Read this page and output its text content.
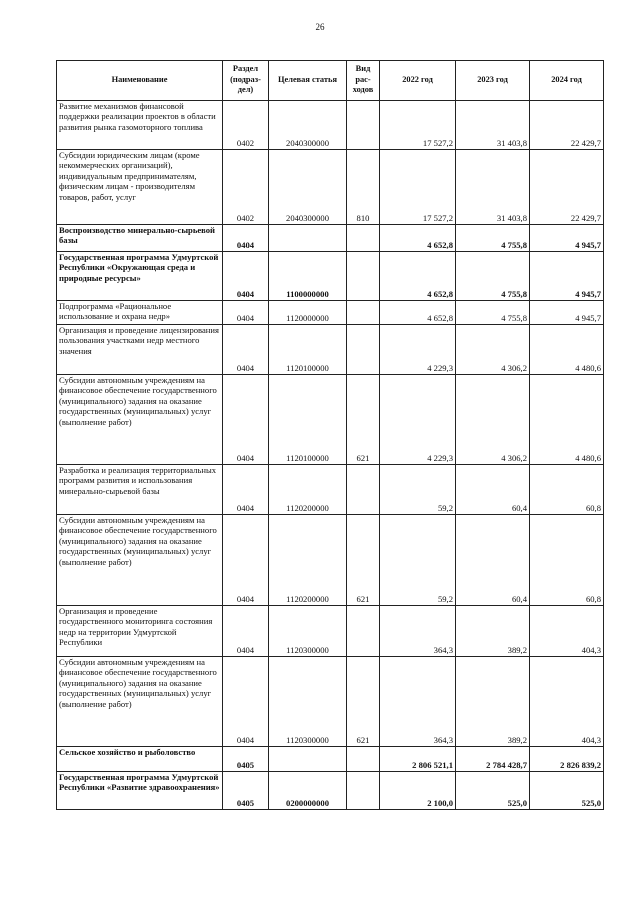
26
Наименование	Раздел (подраз-дел)	Целевая статья	Вид рас-ходов	2022 год	2023 год	2024 год
Развитие механизмов финансовой поддержки реализации проектов в области развития рынка газомоторного топлива	0402	2040300000		17 527,2	31 403,8	22 429,7
Субсидии юридическим лицам (кроме некоммерческих организаций), индивидуальным предпринимателям, физическим лицам - производителям товаров, работ, услуг	0402	2040300000	810	17 527,2	31 403,8	22 429,7
Воспроизводство минерально-сырьевой базы	0404			4 652,8	4 755,8	4 945,7
Государственная программа Удмуртской Республики «Окружающая среда и природные ресурсы»	0404	1100000000		4 652,8	4 755,8	4 945,7
Подпрограмма «Рациональное использование и охрана недр»	0404	1120000000		4 652,8	4 755,8	4 945,7
Организация и проведение лицензирования пользования участками недр местного значения	0404	1120100000		4 229,3	4 306,2	4 480,6
Субсидии автономным учреждениям на финансовое обеспечение государственного (муниципального) задания на оказание государственных (муниципальных) услуг (выполнение работ)	0404	1120100000	621	4 229,3	4 306,2	4 480,6
Разработка и реализация территориальных программ развития и использования минерально-сырьевой базы	0404	1120200000		59,2	60,4	60,8
Субсидии автономным учреждениям на финансовое обеспечение государственного (муниципального) задания на оказание государственных (муниципальных) услуг (выполнение работ)	0404	1120200000	621	59,2	60,4	60,8
Организация и проведение государственного мониторинга состояния недр на территории Удмуртской Республики	0404	1120300000		364,3	389,2	404,3
Субсидии автономным учреждениям на финансовое обеспечение государственного (муниципального) задания на оказание государственных (муниципальных) услуг (выполнение работ)	0404	1120300000	621	364,3	389,2	404,3
Сельское хозяйство и рыболовство	0405			2 806 521,1	2 784 428,7	2 826 839,2
Государственная программа Удмуртской Республики «Развитие здравоохранения»	0405	0200000000		2 100,0	525,0	525,0
